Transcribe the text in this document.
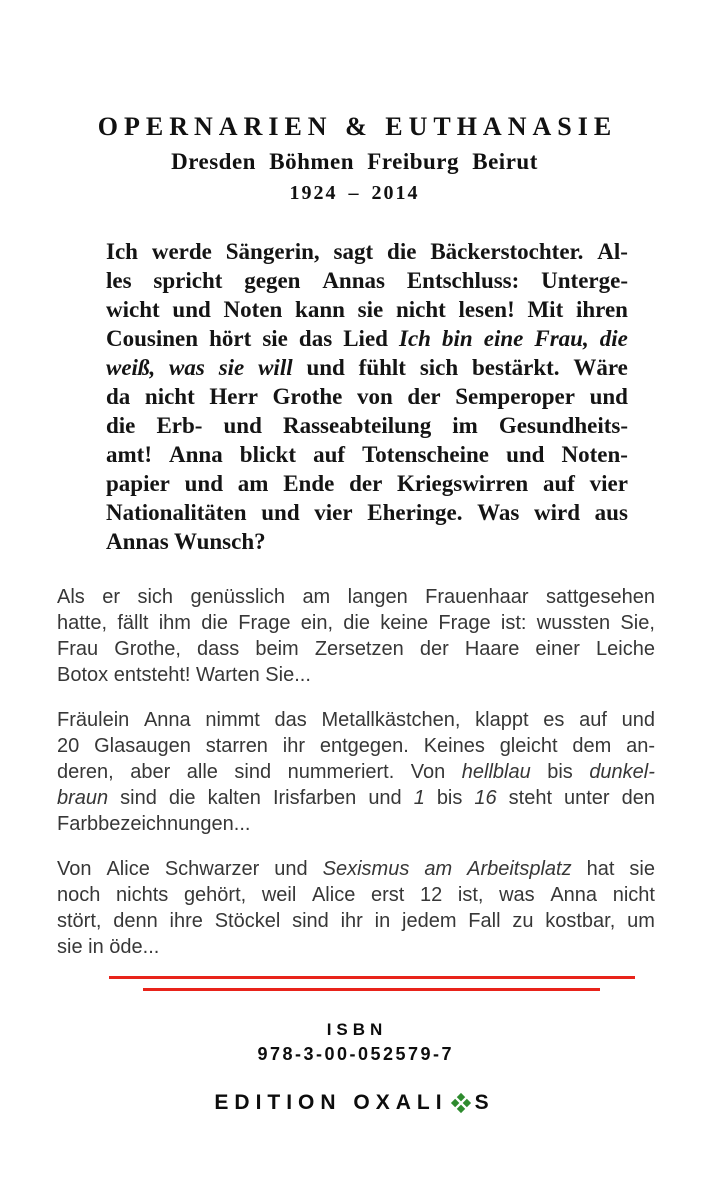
OPERNARIEN & EUTHANASIE
Dresden Böhmen Freiburg Beirut
1924 – 2014
Ich werde Sängerin, sagt die Bäckerstochter. Al-
les spricht gegen Annas Entschluss: Unterge-
wicht und Noten kann sie nicht lesen! Mit ihren
Cousinen hört sie das Lied Ich bin eine Frau, die
weiß, was sie will und fühlt sich bestärkt. Wäre
da nicht Herr Grothe von der Semperoper und
die Erb- und Rasseabteilung im Gesundheits-
amt! Anna blickt auf Totenscheine und Noten-
papier und am Ende der Kriegswirren auf vier
Nationalitäten und vier Eheringe. Was wird aus
Annas Wunsch?
Als er sich genüsslich am langen Frauenhaar sattgesehen
hatte, fällt ihm die Frage ein, die keine Frage ist: wussten Sie,
Frau Grothe, dass beim Zersetzen der Haare einer Leiche
Botox entsteht! Warten Sie...
Fräulein Anna nimmt das Metallkästchen, klappt es auf und
20 Glasaugen starren ihr entgegen. Keines gleicht dem an-
deren, aber alle sind nummeriert. Von hellblau bis dunkel-
braun sind die kalten Irisfarben und 1 bis 16 steht unter den
Farbbezeichnungen...
Von Alice Schwarzer und Sexismus am Arbeitsplatz hat sie
noch nichts gehört, weil Alice erst 12 ist, was Anna nicht
stört, denn ihre Stöckel sind ihr in jedem Fall zu kostbar, um
sie in öde...
ISBN
978-3-00-052579-7
EDITION OXALI S
